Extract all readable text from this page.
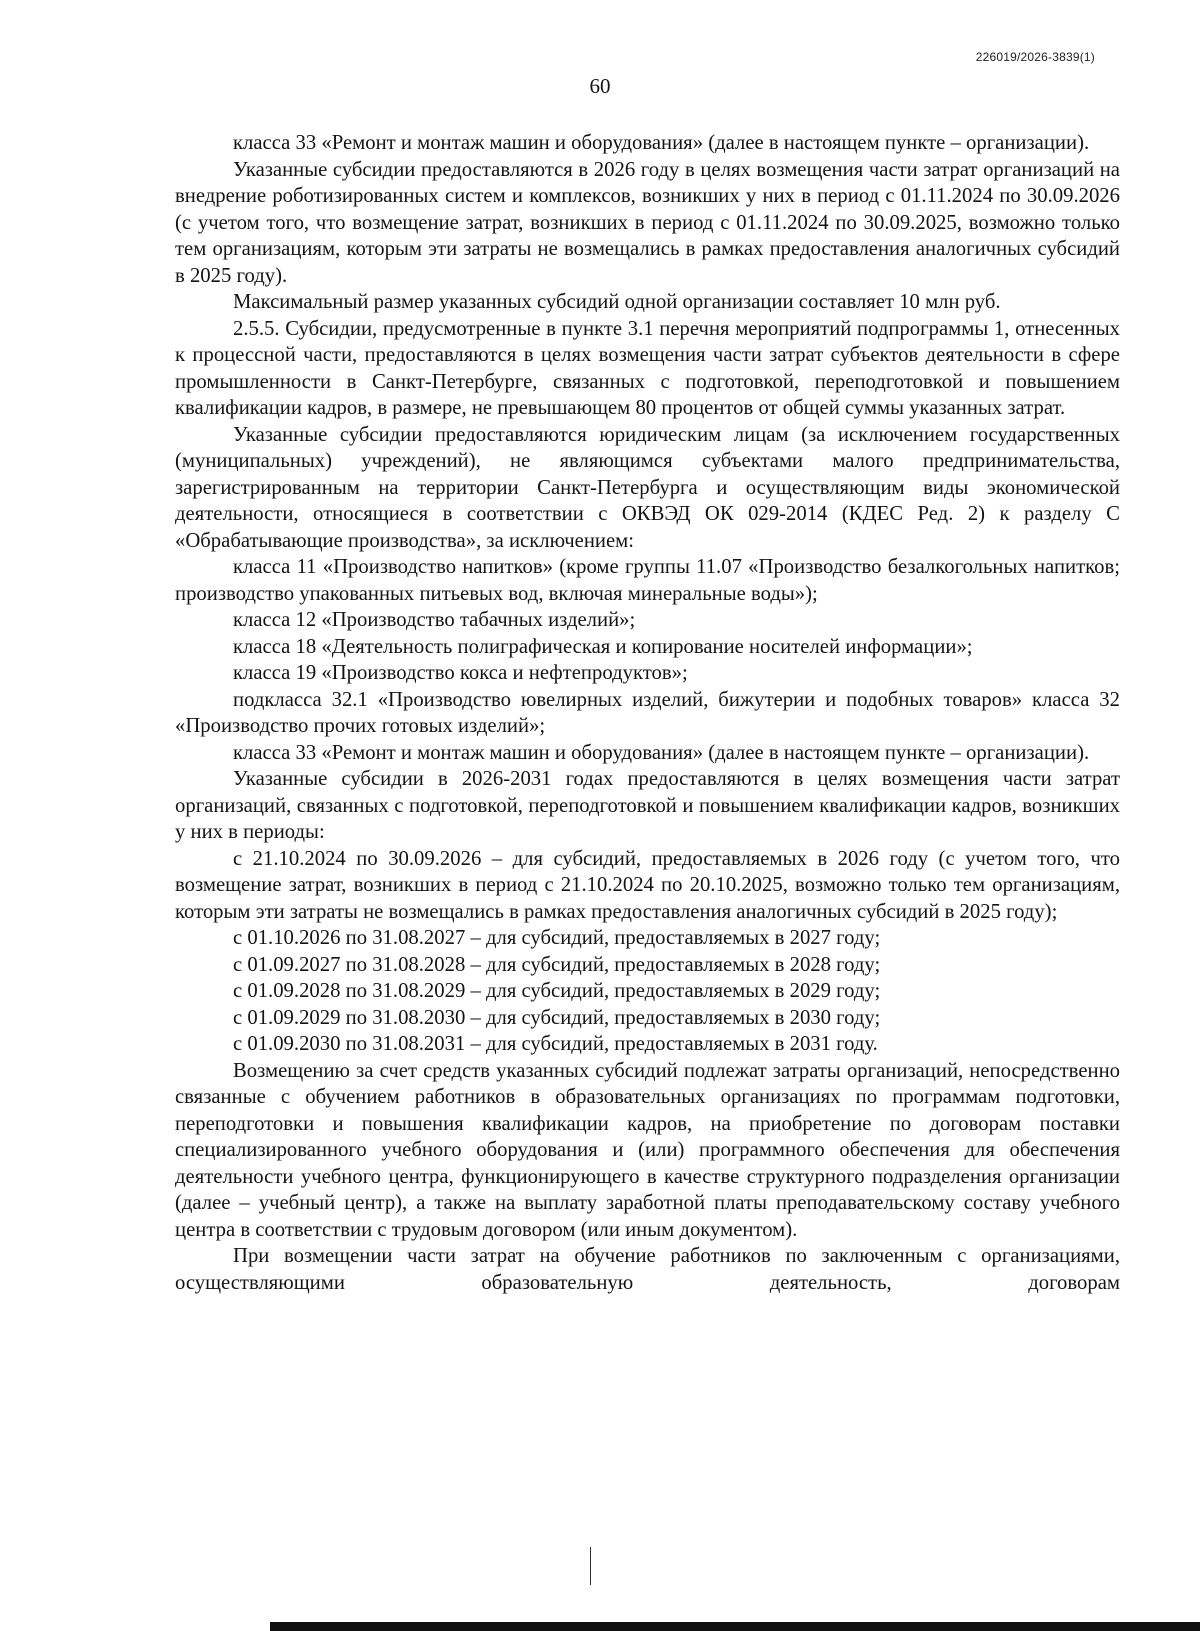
226019/2026-3839(1)
60

класса 33 «Ремонт и монтаж машин и оборудования» (далее в настоящем пункте – организации).

Указанные субсидии предоставляются в 2026 году в целях возмещения части затрат организаций на внедрение роботизированных систем и комплексов, возникших у них в период с 01.11.2024 по 30.09.2026 (с учетом того, что возмещение затрат, возникших в период с 01.11.2024 по 30.09.2025, возможно только тем организациям, которым эти затраты не возмещались в рамках предоставления аналогичных субсидий в 2025 году).

Максимальный размер указанных субсидий одной организации составляет 10 млн руб.

2.5.5. Субсидии, предусмотренные в пункте 3.1 перечня мероприятий подпрограммы 1, отнесенных к процессной части, предоставляются в целях возмещения части затрат субъектов деятельности в сфере промышленности в Санкт-Петербурге, связанных с подготовкой, переподготовкой и повышением квалификации кадров, в размере, не превышающем 80 процентов от общей суммы указанных затрат.

Указанные субсидии предоставляются юридическим лицам (за исключением государственных (муниципальных) учреждений), не являющимся субъектами малого предпринимательства, зарегистрированным на территории Санкт-Петербурга и осуществляющим виды экономической деятельности, относящиеся в соответствии с ОКВЭД ОК 029-2014 (КДЕС Ред. 2) к разделу С «Обрабатывающие производства», за исключением:

класса 11 «Производство напитков» (кроме группы 11.07 «Производство безалкогольных напитков; производство упакованных питьевых вод, включая минеральные воды»);

класса 12 «Производство табачных изделий»;

класса 18 «Деятельность полиграфическая и копирование носителей информации»;

класса 19 «Производство кокса и нефтепродуктов»;

подкласса 32.1 «Производство ювелирных изделий, бижутерии и подобных товаров» класса 32 «Производство прочих готовых изделий»;

класса 33 «Ремонт и монтаж машин и оборудования» (далее в настоящем пункте – организации).

Указанные субсидии в 2026-2031 годах предоставляются в целях возмещения части затрат организаций, связанных с подготовкой, переподготовкой и повышением квалификации кадров, возникших у них в периоды:

с 21.10.2024 по 30.09.2026 – для субсидий, предоставляемых в 2026 году (с учетом того, что возмещение затрат, возникших в период с 21.10.2024 по 20.10.2025, возможно только тем организациям, которым эти затраты не возмещались в рамках предоставления аналогичных субсидий в 2025 году);

с 01.10.2026 по 31.08.2027 – для субсидий, предоставляемых в 2027 году;

с 01.09.2027 по 31.08.2028 – для субсидий, предоставляемых в 2028 году;

с 01.09.2028 по 31.08.2029 – для субсидий, предоставляемых в 2029 году;

с 01.09.2029 по 31.08.2030 – для субсидий, предоставляемых в 2030 году;

с 01.09.2030 по 31.08.2031 – для субсидий, предоставляемых в 2031 году.

Возмещению за счет средств указанных субсидий подлежат затраты организаций, непосредственно связанные с обучением работников в образовательных организациях по программам подготовки, переподготовки и повышения квалификации кадров, на приобретение по договорам поставки специализированного учебного оборудования и (или) программного обеспечения для обеспечения деятельности учебного центра, функционирующего в качестве структурного подразделения организации (далее – учебный центр), а также на выплату заработной платы преподавательскому составу учебного центра в соответствии с трудовым договором (или иным документом).

При возмещении части затрат на обучение работников по заключенным с организациями, осуществляющими образовательную деятельность, договорам
